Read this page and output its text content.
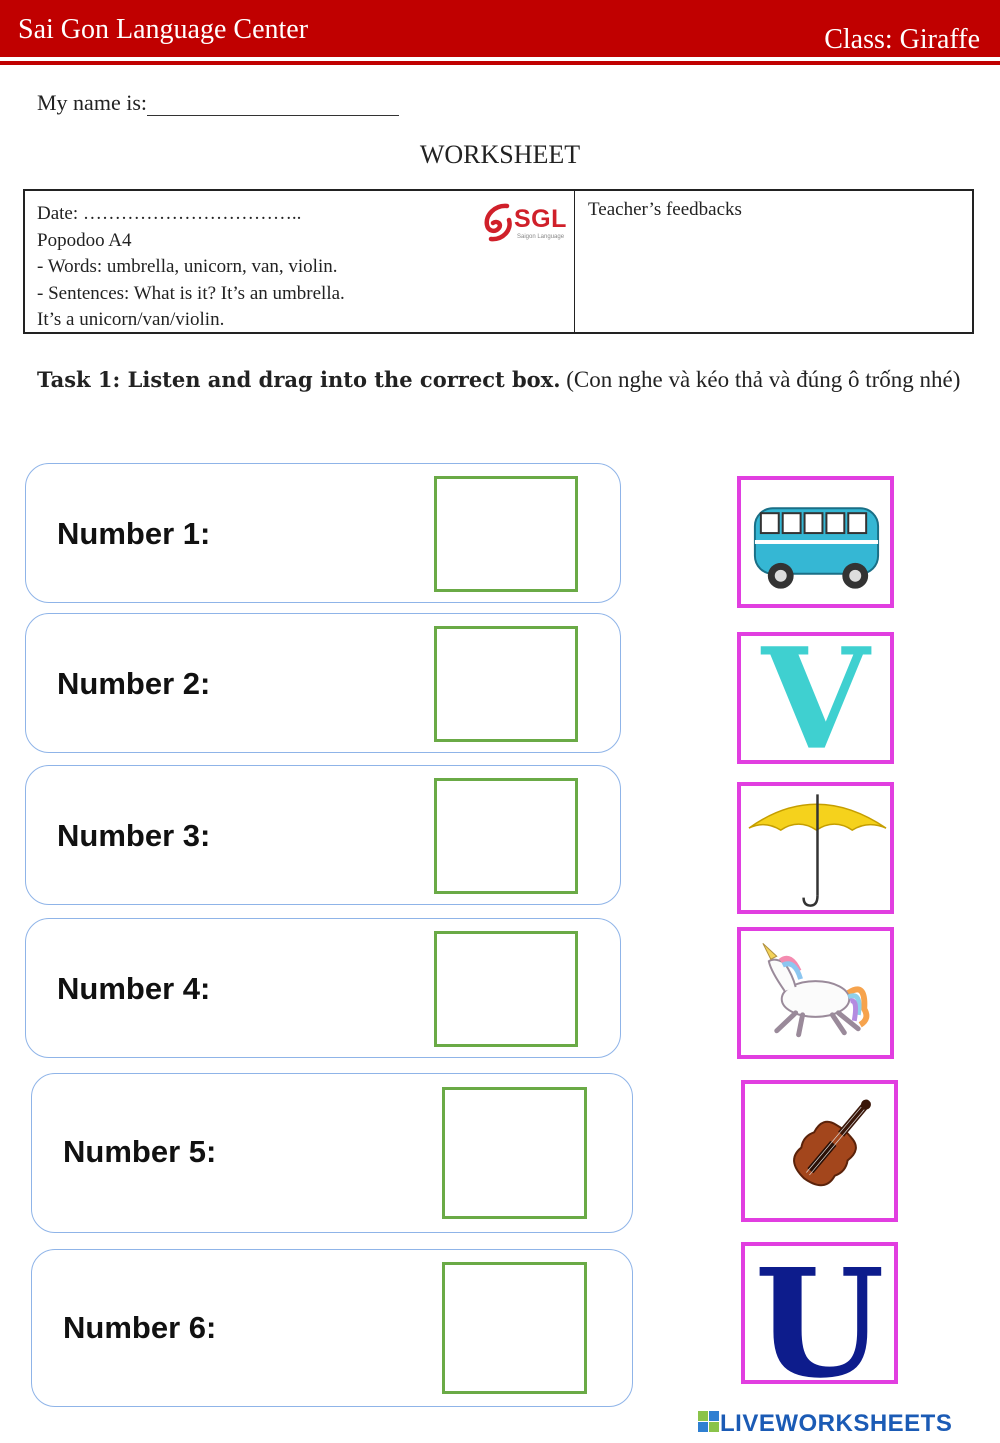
Sai Gon Language Center	Class: Giraffe
My name is:
WORKSHEET
Date: ……………………………..
Popodoo A4
- Words: umbrella, unicorn, van, violin.
- Sentences: What is it? It’s an umbrella.
It’s a unicorn/van/violin.
SGL
Saigon Language
Teacher’s feedbacks
Task 1: Listen and drag into the correct box. (Con nghe và kéo thả và đúng ô trống nhé)
Number 1:
Number 2:
Number 3:
Number 4:
Number 5:
Number 6:
V
U
LIVEWORKSHEETS
